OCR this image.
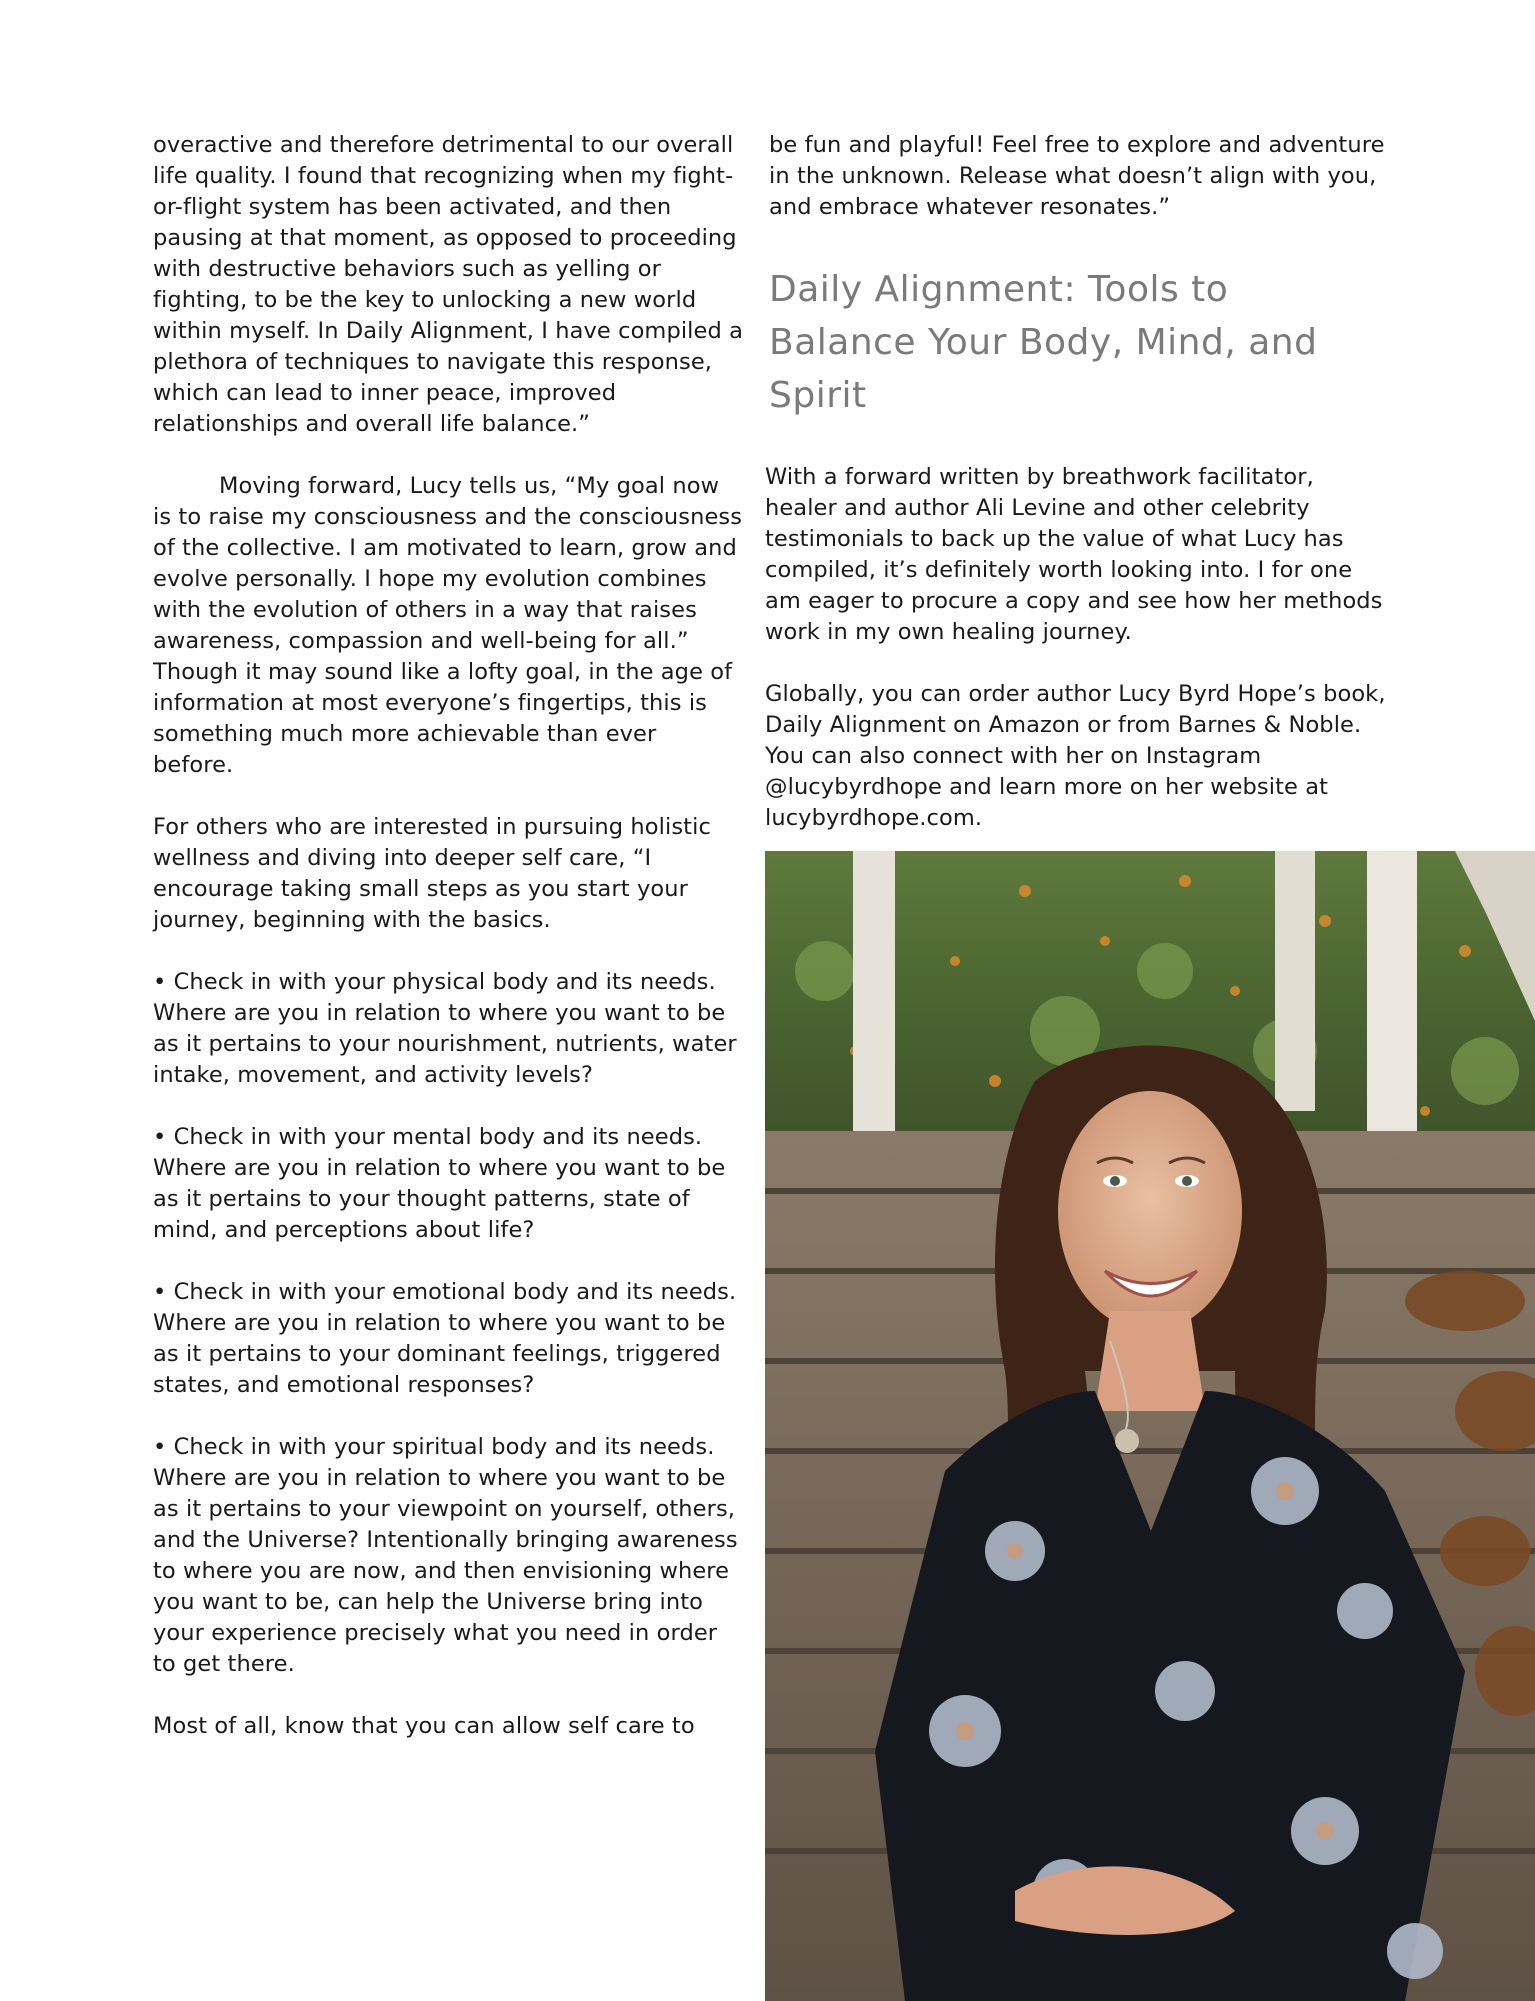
overactive and therefore detrimental to our overall life quality. I found that recognizing when my fight-or-flight system has been activated, and then pausing at that moment, as opposed to proceeding with destructive behaviors such as yelling or fighting, to be the key to unlocking a new world within myself. In Daily Alignment, I have compiled a plethora of techniques to navigate this response, which can lead to inner peace, improved relationships and overall life balance.”

Moving forward, Lucy tells us, “My goal now is to raise my consciousness and the consciousness of the collective. I am motivated to learn, grow and evolve personally. I hope my evolution combines with the evolution of others in a way that raises awareness, compassion and well-being for all.” Though it may sound like a lofty goal, in the age of information at most everyone’s fingertips, this is something much more achievable than ever before.

For others who are interested in pursuing holistic wellness and diving into deeper self care, “I encourage taking small steps as you start your journey, beginning with the basics.

• Check in with your physical body and its needs. Where are you in relation to where you want to be as it pertains to your nourishment, nutrients, water intake, movement, and activity levels?

• Check in with your mental body and its needs. Where are you in relation to where you want to be as it pertains to your thought patterns, state of mind, and perceptions about life?

• Check in with your emotional body and its needs. Where are you in relation to where you want to be as it pertains to your dominant feelings, triggered states, and emotional responses?

• Check in with your spiritual body and its needs. Where are you in relation to where you want to be as it pertains to your viewpoint on yourself, others, and the Universe? Intentionally bringing awareness to where you are now, and then envisioning where you want to be, can help the Universe bring into your experience precisely what you need in order to get there.

Most of all, know that you can allow self care to

be fun and playful! Feel free to explore and adventure in the unknown. Release what doesn’t align with you, and embrace whatever resonates.”

Daily Alignment: Tools to Balance Your Body, Mind, and Spirit

With a forward written by breathwork facilitator, healer and author Ali Levine and other celebrity testimonials to back up the value of what Lucy has compiled, it’s definitely worth looking into. I for one am eager to procure a copy and see how her methods work in my own healing journey.

Globally, you can order author Lucy Byrd Hope’s book, Daily Alignment on Amazon or from Barnes & Noble. You can also connect with her on Instagram @lucybyrdhope and learn more on her website at lucybyrdhope.com.
